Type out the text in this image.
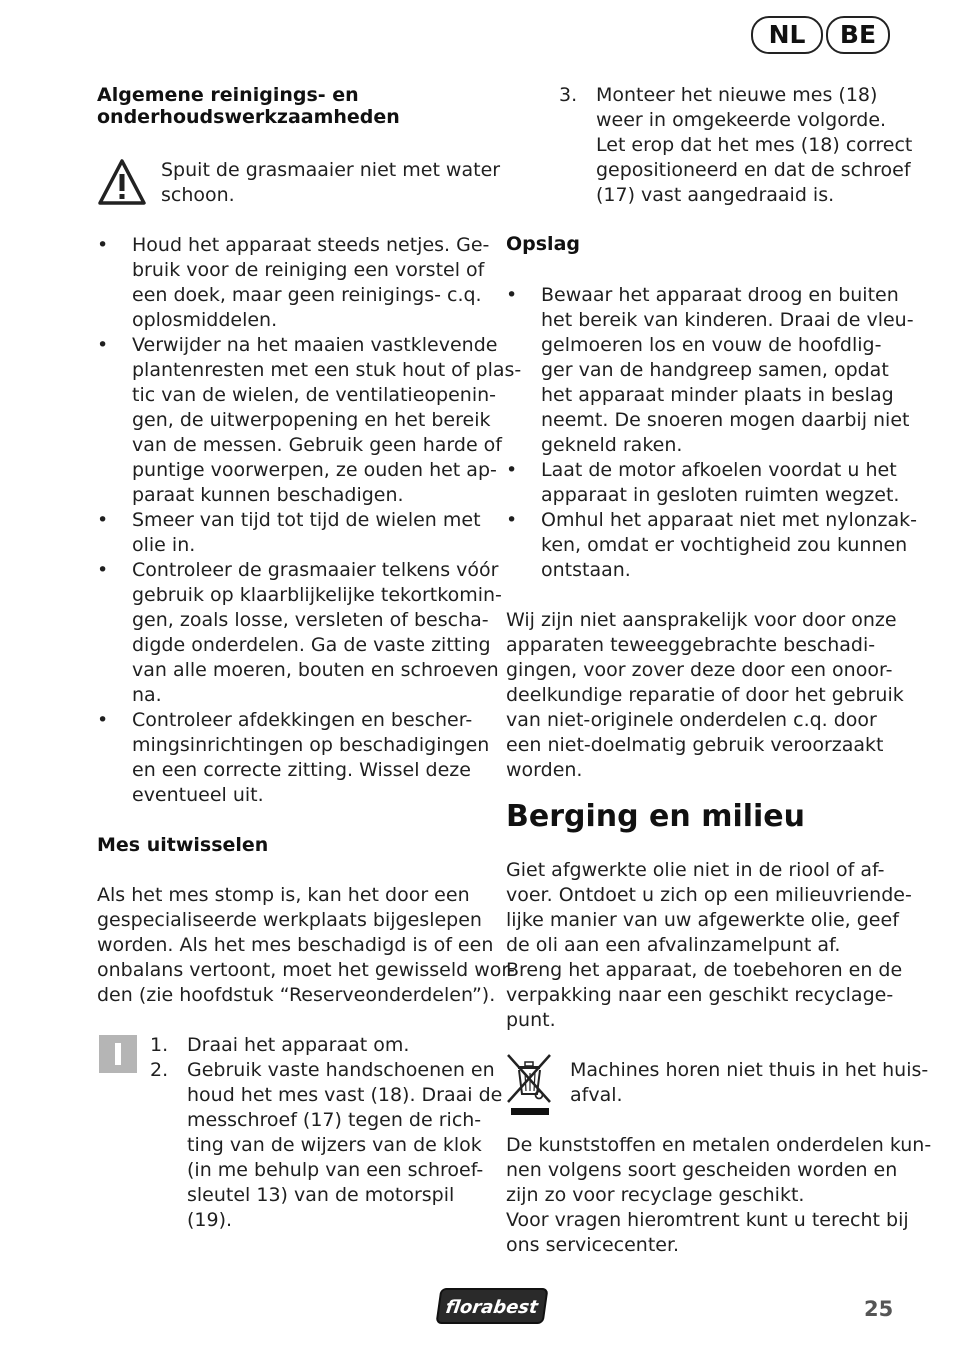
NL	BE
Algemene reinigings- en
onderhoudswerkzaamheden
Spuit de grasmaaier niet met water
schoon.
• Houd het apparaat steeds netjes. Ge-
bruik voor de reiniging een vorstel of
een doek, maar geen reinigings- c.q.
oplosmiddelen.
• Verwijder na het maaien vastklevende
plantenresten met een stuk hout of plas-
tic van de wielen, de ventilatieopenin-
gen, de uitwerpopening en het bereik
van de messen. Gebruik geen harde of
puntige voorwerpen, ze ouden het ap-
paraat kunnen beschadigen.
• Smeer van tijd tot tijd de wielen met
olie in.
• Controleer de grasmaaier telkens vóór
gebruik op klaarblijkelijke tekortkomin-
gen, zoals losse, versleten of bescha-
digde onderdelen. Ga de vaste zitting
van alle moeren, bouten en schroeven
na.
• Controleer afdekkingen en bescher-
mingsinrichtingen op beschadigingen
en een correcte zitting. Wissel deze
eventueel uit.
Mes uitwisselen
Als het mes stomp is, kan het door een
gespecialiseerde werkplaats bijgeslepen
worden. Als het mes beschadigd is of een
onbalans vertoont, moet het gewisseld wor-
den (zie hoofdstuk “Reserveonderdelen”).
1. Draai het apparaat om.
2. Gebruik vaste handschoenen en
houd het mes vast (18). Draai de
messchroef (17) tegen de rich-
ting van de wijzers van de klok
(in me behulp van een schroef-
sleutel 13) van de motorspil
(19).
3. Monteer het nieuwe mes (18)
weer in omgekeerde volgorde.
Let erop dat het mes (18) correct
gepositioneerd en dat de schroef
(17) vast aangedraaid is.
Opslag
• Bewaar het apparaat droog en buiten
het bereik van kinderen. Draai de vleu-
gelmoeren los en vouw de hoofdlig-
ger van de handgreep samen, opdat
het apparaat minder plaats in beslag
neemt. De snoeren mogen daarbij niet
gekneld raken.
• Laat de motor afkoelen voordat u het
apparaat in gesloten ruimten wegzet.
• Omhul het apparaat niet met nylonzak-
ken, omdat er vochtigheid zou kunnen
ontstaan.
Wij zijn niet aansprakelijk voor door onze
apparaten teweeggebrachte beschadi-
gingen, voor zover deze door een onoor-
deelkundige reparatie of door het gebruik
van niet-originele onderdelen c.q. door
een niet-doelmatig gebruik veroorzaakt
worden.
Berging en milieu
Giet afgwerkte olie niet in de riool of af-
voer. Ontdoet u zich op een milieuvriende-
lijke manier van uw afgewerkte olie, geef
de oli aan een afvalinzamelpunt af.
Breng het apparaat, de toebehoren en de
verpakking naar een geschikt recyclage-
punt.
Machines horen niet thuis in het huis-
afval.
De kunststoffen en metalen onderdelen kun-
nen volgens soort gescheiden worden en
zijn zo voor recyclage geschikt.
Voor vragen hieromtrent kunt u terecht bij
ons servicecenter.
florabest	25
